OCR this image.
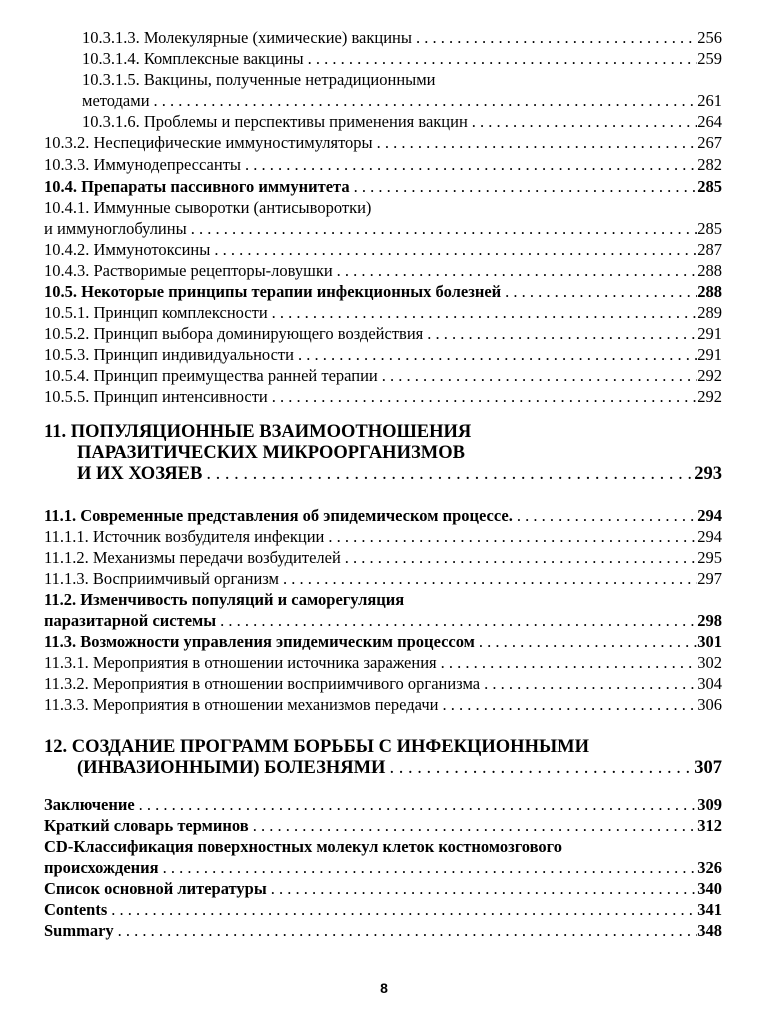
10.3.1.3. Молекулярные (химические) вакцины . . .	256
10.3.1.4. Комплексные вакцины . . .	259
10.3.1.5. Вакцины, полученные нетрадиционными
методами . . .	261
10.3.1.6. Проблемы и перспективы применения вакцин . . .	264
10.3.2. Неспецифические иммуностимуляторы . . .	267
10.3.3. Иммунодепрессанты . . .	282
10.4. Препараты пассивного иммунитета . . .	285
10.4.1. Иммунные сыворотки (антисыворотки)
и иммуноглобулины . . .	285
10.4.2. Иммунотоксины . . .	287
10.4.3. Растворимые рецепторы-ловушки . . .	288
10.5. Некоторые принципы терапии инфекционных болезней . . .	288
10.5.1. Принцип комплексности . . .	289
10.5.2. Принцип выбора доминирующего воздействия . . .	291
10.5.3. Принцип индивидуальности . . .	291
10.5.4. Принцип преимущества ранней терапии . . .	292
10.5.5. Принцип интенсивности . . .	292
11. ПОПУЛЯЦИОННЫЕ ВЗАИМООТНОШЕНИЯ
ПАРАЗИТИЧЕСКИХ МИКРООРГАНИЗМОВ
И ИХ ХОЗЯЕВ . . .	293
11.1. Современные представления об эпидемическом процессе. . . .	294
11.1.1. Источник возбудителя инфекции . . .	294
11.1.2. Механизмы передачи возбудителей . . .	295
11.1.3. Восприимчивый организм . . .	297
11.2. Изменчивость популяций и саморегуляция
паразитарной системы . . .	298
11.3. Возможности управления эпидемическим процессом . . .	301
11.3.1. Мероприятия в отношении источника заражения . . .	302
11.3.2. Мероприятия в отношении восприимчивого организма . . .	304
11.3.3. Мероприятия в отношении механизмов передачи . . .	306
12. СОЗДАНИЕ ПРОГРАММ БОРЬБЫ С ИНФЕКЦИОННЫМИ
(ИНВАЗИОННЫМИ) БОЛЕЗНЯМИ . . .	307
Заключение . . .	309
Краткий словарь терминов . . .	312
CD-Классификация поверхностных молекул клеток костномозгового
происхождения . . .	326
Список основной литературы . . .	340
Contents . . .	341
Summary . . .	348
8
